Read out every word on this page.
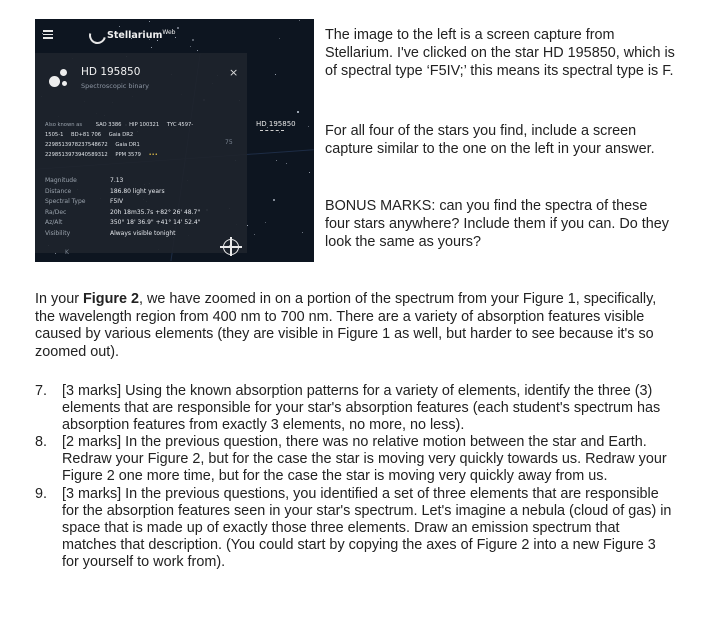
Stellarium$^{Web}$
HD 195850
Spectroscopic binary
×
Also known as	SAO 3386 HIP 100321 TYC 4597-
1505-1 BD+81 706 Gaia DR2
2298513978237548672 Gaia DR1
2298513973940589312 PPM 3579 •••
Magnitude	7.13
Distance	186.80 light years
Spectral Type	F5IV
Ra/Dec	20h 18m35.7s +82° 26' 48.7"
Az/Alt	350° 18' 36.9" +41° 14' 52.4"
Visibility	Always visible tonight
75
K
HD 195850
The image to the left is a screen capture from Stellarium. I've clicked on the star HD 195850, which is of spectral type ‘F5IV;’ this means its spectral type is F.
For all four of the stars you find, include a screen capture similar to the one on the left in your answer.
BONUS MARKS: can you find the spectra of these four stars anywhere? Include them if you can. Do they look the same as yours?
In your Figure 2, we have zoomed in on a portion of the spectrum from your Figure 1, specifically, the wavelength region from 400 nm to 700 nm. There are a variety of absorption features visible caused by various elements (they are visible in Figure 1 as well, but harder to see because it's so zoomed out).
7. [3 marks] Using the known absorption patterns for a variety of elements, identify the three (3) elements that are responsible for your star's absorption features (each student's spectrum has absorption features from exactly 3 elements, no more, no less).
8. [2 marks] In the previous question, there was no relative motion between the star and Earth. Redraw your Figure 2, but for the case the star is moving very quickly towards us. Redraw your Figure 2 one more time, but for the case the star is moving very quickly away from us.
9. [3 marks] In the previous questions, you identified a set of three elements that are responsible for the absorption features seen in your star's spectrum. Let's imagine a nebula (cloud of gas) in space that is made up of exactly those three elements. Draw an emission spectrum that matches that description. (You could start by copying the axes of Figure 2 into a new Figure 3 for yourself to work from).
